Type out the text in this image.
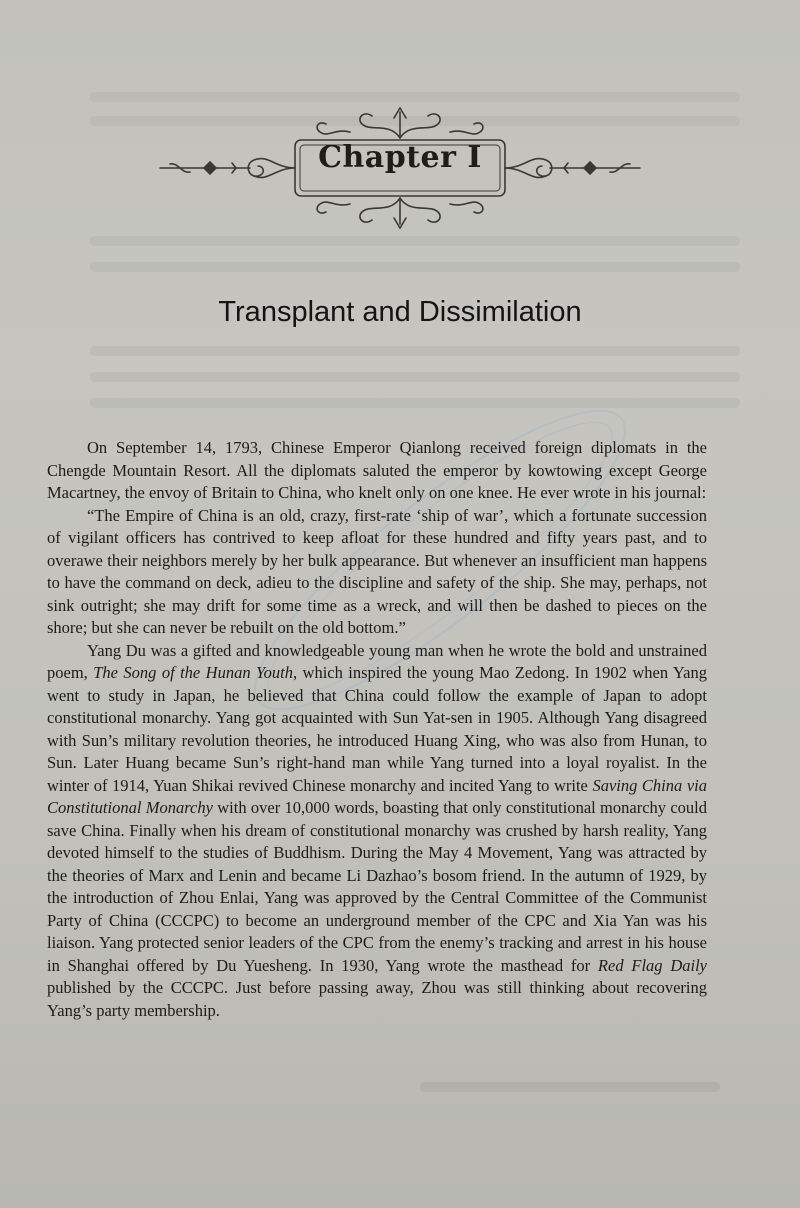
Chapter I
Transplant and Dissimilation

On September 14, 1793, Chinese Emperor Qianlong received foreign diplomats in the Chengde Mountain Resort. All the diplomats saluted the emperor by kowtowing except George Macartney, the envoy of Britain to China, who knelt only on one knee. He ever wrote in his journal:

“The Empire of China is an old, crazy, first-rate ‘ship of war’, which a fortunate succession of vigilant officers has contrived to keep afloat for these hundred and fifty years past, and to overawe their neighbors merely by her bulk appearance. But whenever an insufficient man happens to have the command on deck, adieu to the discipline and safety of the ship. She may, perhaps, not sink outright; she may drift for some time as a wreck, and will then be dashed to pieces on the shore; but she can never be rebuilt on the old bottom.”

Yang Du was a gifted and knowledgeable young man when he wrote the bold and unstrained poem, The Song of the Hunan Youth, which inspired the young Mao Zedong. In 1902 when Yang went to study in Japan, he believed that China could follow the example of Japan to adopt constitutional monarchy. Yang got acquainted with Sun Yat-sen in 1905. Although Yang disagreed with Sun’s military revolution theories, he introduced Huang Xing, who was also from Hunan, to Sun. Later Huang became Sun’s right-hand man while Yang turned into a loyal royalist. In the winter of 1914, Yuan Shikai revived Chinese monarchy and incited Yang to write Saving China via Constitutional Monarchy with over 10,000 words, boasting that only constitutional monarchy could save China. Finally when his dream of constitutional monarchy was crushed by harsh reality, Yang devoted himself to the studies of Buddhism. During the May 4 Movement, Yang was attracted by the theories of Marx and Lenin and became Li Dazhao’s bosom friend. In the autumn of 1929, by the introduction of Zhou Enlai, Yang was approved by the Central Committee of the Communist Party of China (CCCPC) to become an underground member of the CPC and Xia Yan was his liaison. Yang protected senior leaders of the CPC from the enemy’s tracking and arrest in his house in Shanghai offered by Du Yuesheng. In 1930, Yang wrote the masthead for Red Flag Daily published by the CCCPC. Just before passing away, Zhou was still thinking about recovering Yang’s party membership.
